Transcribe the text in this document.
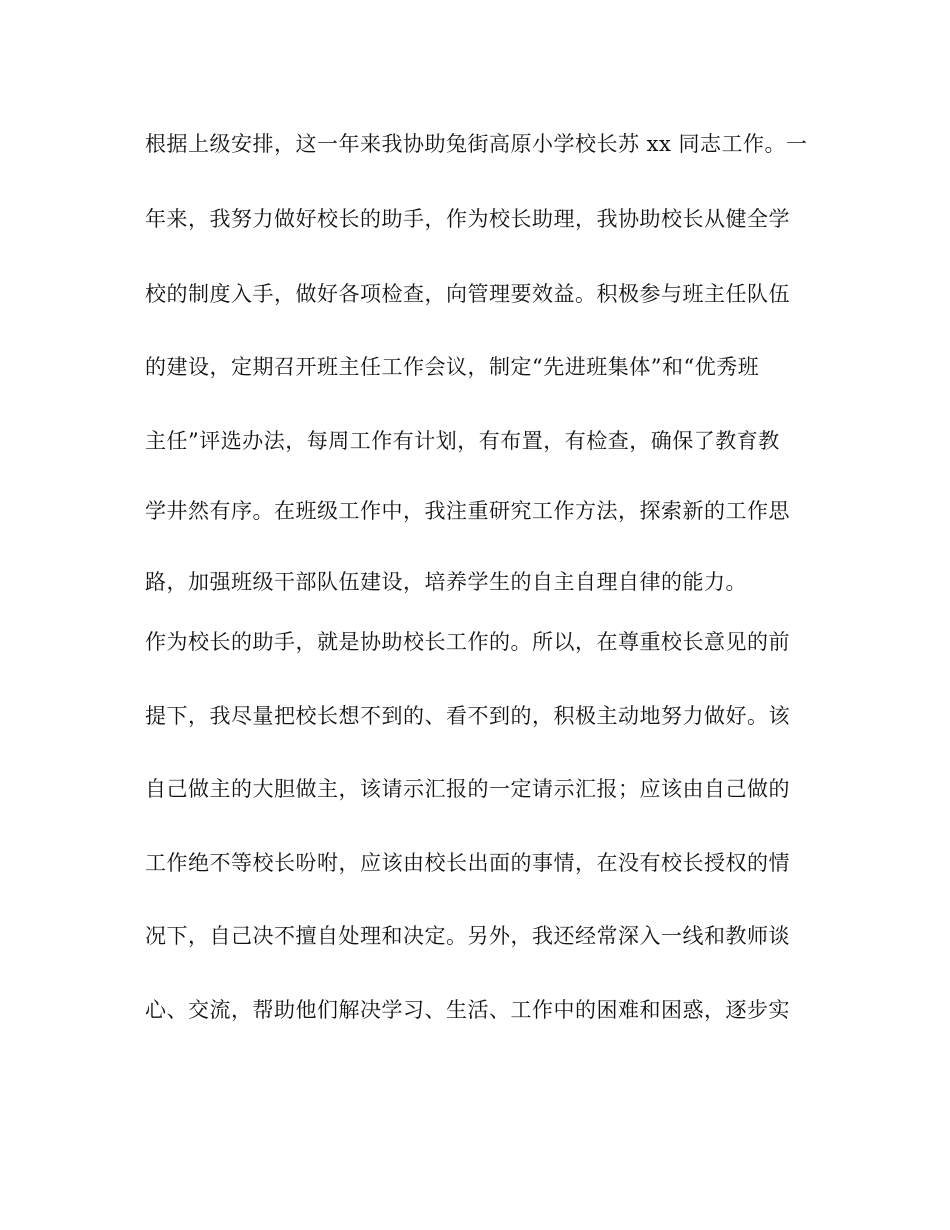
根据上级安排，这一年来我协助兔街高原小学校长苏 xx 同志工作。一
年来，我努力做好校长的助手，作为校长助理，我协助校长从健全学
校的制度入手，做好各项检查，向管理要效益。积极参与班主任队伍
的建设，定期召开班主任工作会议，制定“先进班集体”和“优秀班
主任”评选办法，每周工作有计划，有布置，有检查，确保了教育教
学井然有序。在班级工作中，我注重研究工作方法，探索新的工作思
路，加强班级干部队伍建设，培养学生的自主自理自律的能力。
作为校长的助手，就是协助校长工作的。所以，在尊重校长意见的前
提下，我尽量把校长想不到的、看不到的，积极主动地努力做好。该
自己做主的大胆做主，该请示汇报的一定请示汇报；应该由自己做的
工作绝不等校长吩咐，应该由校长出面的事情，在没有校长授权的情
况下，自己决不擅自处理和决定。另外，我还经常深入一线和教师谈
心、交流，帮助他们解决学习、生活、工作中的困难和困惑，逐步实
